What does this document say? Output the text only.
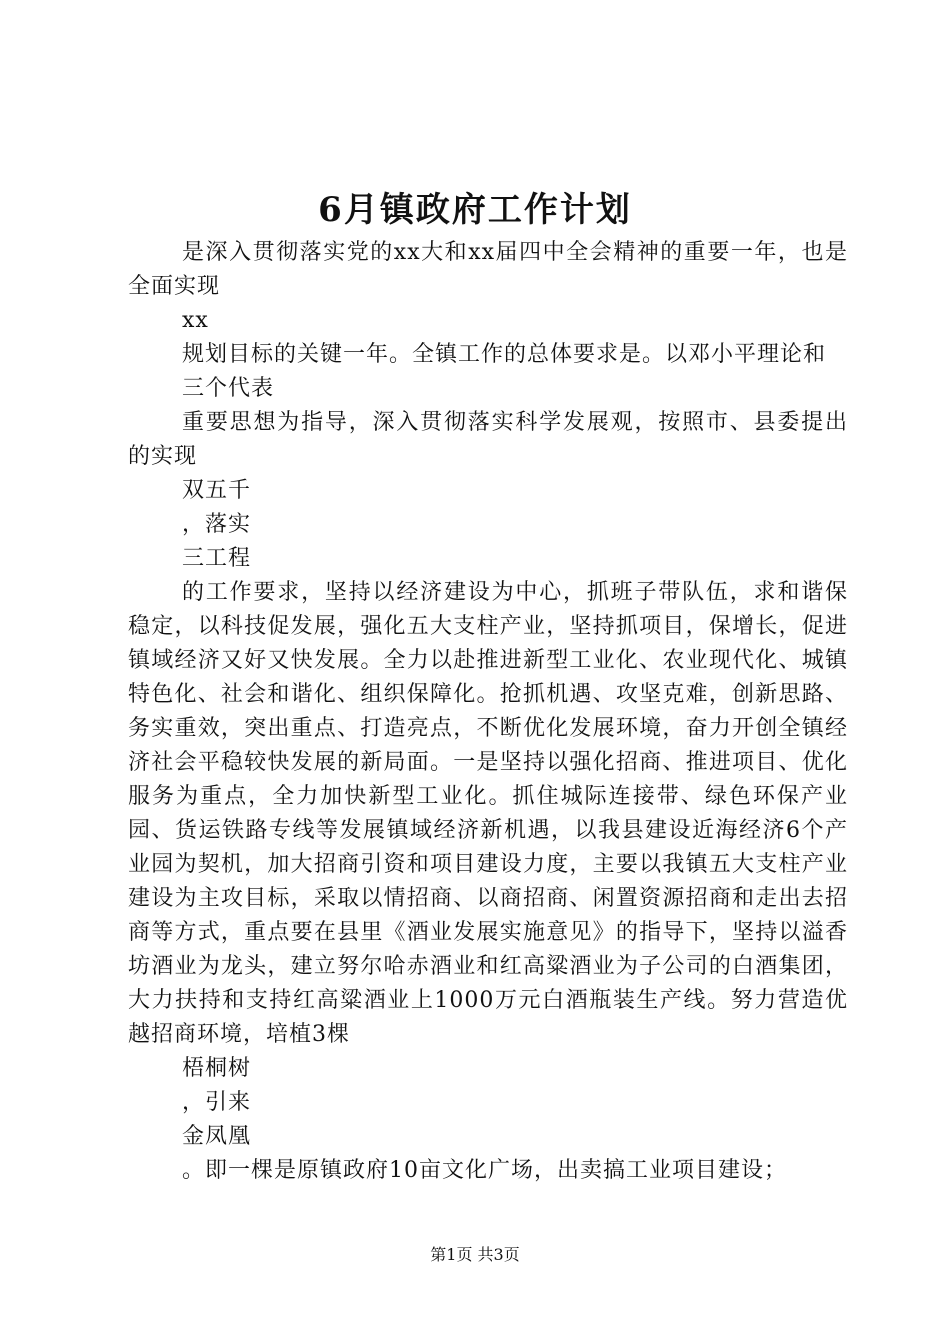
6月镇政府工作计划

是深入贯彻落实党的xx大和xx届四中全会精神的重要一年，也是全面实现

xx

规划目标的关键一年。全镇工作的总体要求是。以邓小平理论和

三个代表

重要思想为指导，深入贯彻落实科学发展观，按照市、县委提出的实现

双五千

，落实

三工程

的工作要求，坚持以经济建设为中心，抓班子带队伍，求和谐保稳定，以科技促发展，强化五大支柱产业，坚持抓项目，保增长，促进镇域经济又好又快发展。全力以赴推进新型工业化、农业现代化、城镇特色化、社会和谐化、组织保障化。抢抓机遇、攻坚克难，创新思路、务实重效，突出重点、打造亮点，不断优化发展环境，奋力开创全镇经济社会平稳较快发展的新局面。一是坚持以强化招商、推进项目、优化服务为重点，全力加快新型工业化。抓住城际连接带、绿色环保产业园、货运铁路专线等发展镇域经济新机遇，以我县建设近海经济6个产业园为契机，加大招商引资和项目建设力度，主要以我镇五大支柱产业建设为主攻目标，采取以情招商、以商招商、闲置资源招商和走出去招商等方式，重点要在县里《酒业发展实施意见》的指导下，坚持以溢香坊酒业为龙头，建立努尔哈赤酒业和红高粱酒业为子公司的白酒集团，大力扶持和支持红高粱酒业上1000万元白酒瓶装生产线。努力营造优越招商环境，培植3棵

梧桐树

，引来

金凤凰

。即一棵是原镇政府10亩文化广场，出卖搞工业项目建设；

第1页 共3页
